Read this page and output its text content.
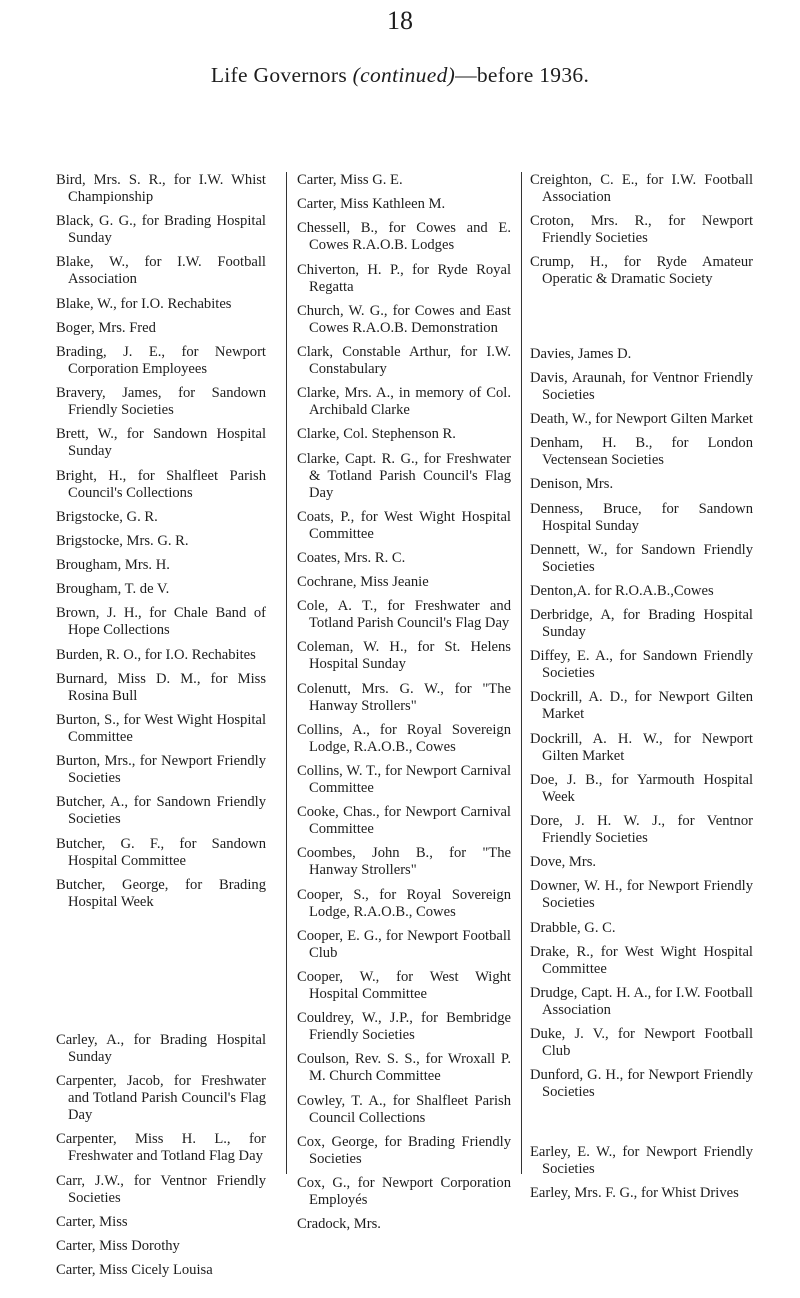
18
Life Governors (continued)—before 1936.
Bird, Mrs. S. R., for I.W. Whist Championship
Black, G. G., for Brading Hospital Sunday
Blake, W., for I.W. Football Association
Blake, W., for I.O. Rechabites
Boger, Mrs. Fred
Brading, J. E., for Newport Corporation Employees
Bravery, James, for Sandown Friendly Societies
Brett, W., for Sandown Hospital Sunday
Bright, H., for Shalfleet Parish Council's Collections
Brigstocke, G. R.
Brigstocke, Mrs. G. R.
Brougham, Mrs. H.
Brougham, T. de V.
Brown, J. H., for Chale Band of Hope Collections
Burden, R. O., for I.O. Rechabites
Burnard, Miss D. M., for Miss Rosina Bull
Burton, S., for West Wight Hospital Committee
Burton, Mrs., for Newport Friendly Societies
Butcher, A., for Sandown Friendly Societies
Butcher, G. F., for Sandown Hospital Committee
Butcher, George, for Brading Hospital Week
Carley, A., for Brading Hospital Sunday
Carpenter, Jacob, for Freshwater and Totland Parish Council's Flag Day
Carpenter, Miss H. L., for Freshwater and Totland Flag Day
Carr, J.W., for Ventnor Friendly Societies
Carter, Miss
Carter, Miss Dorothy
Carter, Miss Cicely Louisa
Carter, Miss G. E.
Carter, Miss Kathleen M.
Chessell, B., for Cowes and E. Cowes R.A.O.B. Lodges
Chiverton, H. P., for Ryde Royal Regatta
Church, W. G., for Cowes and East Cowes R.A.O.B. Demonstration
Clark, Constable Arthur, for I.W. Constabulary
Clarke, Mrs. A., in memory of Col. Archibald Clarke
Clarke, Col. Stephenson R.
Clarke, Capt. R. G., for Freshwater & Totland Parish Council's Flag Day
Coats, P., for West Wight Hospital Committee
Coates, Mrs. R. C.
Cochrane, Miss Jeanie
Cole, A. T., for Freshwater and Totland Parish Council's Flag Day
Coleman, W. H., for St. Helens Hospital Sunday
Colenutt, Mrs. G. W., for "The Hanway Strollers"
Collins, A., for Royal Sovereign Lodge, R.A.O.B., Cowes
Collins, W. T., for Newport Carnival Committee
Cooke, Chas., for Newport Carnival Committee
Coombes, John B., for "The Hanway Strollers"
Cooper, S., for Royal Sovereign Lodge, R.A.O.B., Cowes
Cooper, E. G., for Newport Football Club
Cooper, W., for West Wight Hospital Committee
Couldrey, W., J.P., for Bembridge Friendly Societies
Coulson, Rev. S. S., for Wroxall P. M. Church Committee
Cowley, T. A., for Shalfleet Parish Council Collections
Cox, George, for Brading Friendly Societies
Cox, G., for Newport Corporation Employés
Cradock, Mrs.
Creighton, C. E., for I.W. Football Association
Croton, Mrs. R., for Newport Friendly Societies
Crump, H., for Ryde Amateur Operatic & Dramatic Society
Davies, James D.
Davis, Araunah, for Ventnor Friendly Societies
Death, W., for Newport Gilten Market
Denham, H. B., for London Vectensean Societies
Denison, Mrs.
Denness, Bruce, for Sandown Hospital Sunday
Dennett, W., for Sandown Friendly Societies
Denton,A. for R.O.A.B.,Cowes
Derbridge, A, for Brading Hospital Sunday
Diffey, E. A., for Sandown Friendly Societies
Dockrill, A. D., for Newport Gilten Market
Dockrill, A. H. W., for Newport Gilten Market
Doe, J. B., for Yarmouth Hospital Week
Dore, J. H. W. J., for Ventnor Friendly Societies
Dove, Mrs.
Downer, W. H., for Newport Friendly Societies
Drabble, G. C.
Drake, R., for West Wight Hospital Committee
Drudge, Capt. H. A., for I.W. Football Association
Duke, J. V., for Newport Football Club
Dunford, G. H., for Newport Friendly Societies
Earley, E. W., for Newport Friendly Societies
Earley, Mrs. F. G., for Whist Drives
